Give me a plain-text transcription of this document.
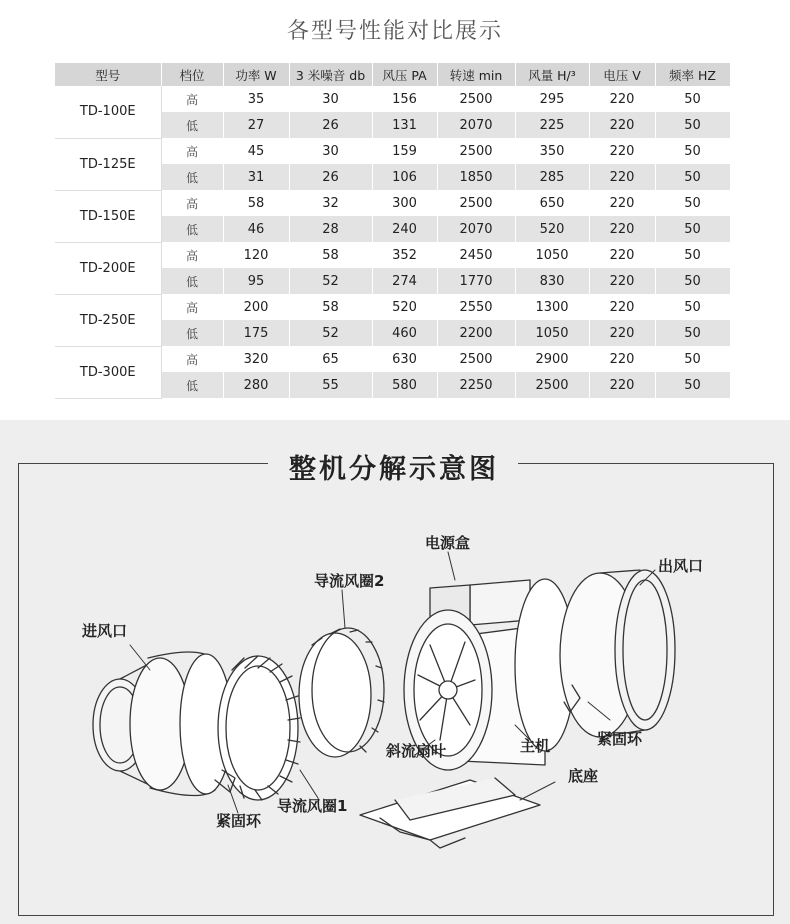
各型号性能对比展示
型号	档位	功率 W	3 米噪音 db	风压 PA	转速 min	风量 H/³	电压 V	频率 HZ
TD-100E	高	35	30	156	2500	295	220	50
	低	27	26	131	2070	225	220	50
TD-125E	高	45	30	159	2500	350	220	50
	低	31	26	106	1850	285	220	50
TD-150E	高	58	32	300	2500	650	220	50
	低	46	28	240	2070	520	220	50
TD-200E	高	120	58	352	2450	1050	220	50
	低	95	52	274	1770	830	220	50
TD-250E	高	200	58	520	2550	1300	220	50
	低	175	52	460	2200	1050	220	50
TD-300E	高	320	65	630	2500	2900	220	50
	低	280	55	580	2250	2500	220	50
整机分解示意图
电源盒
导流风圈2
出风口
进风口
斜流扇叶	主机	紧固环
底座
紧固环
导流风圈1
